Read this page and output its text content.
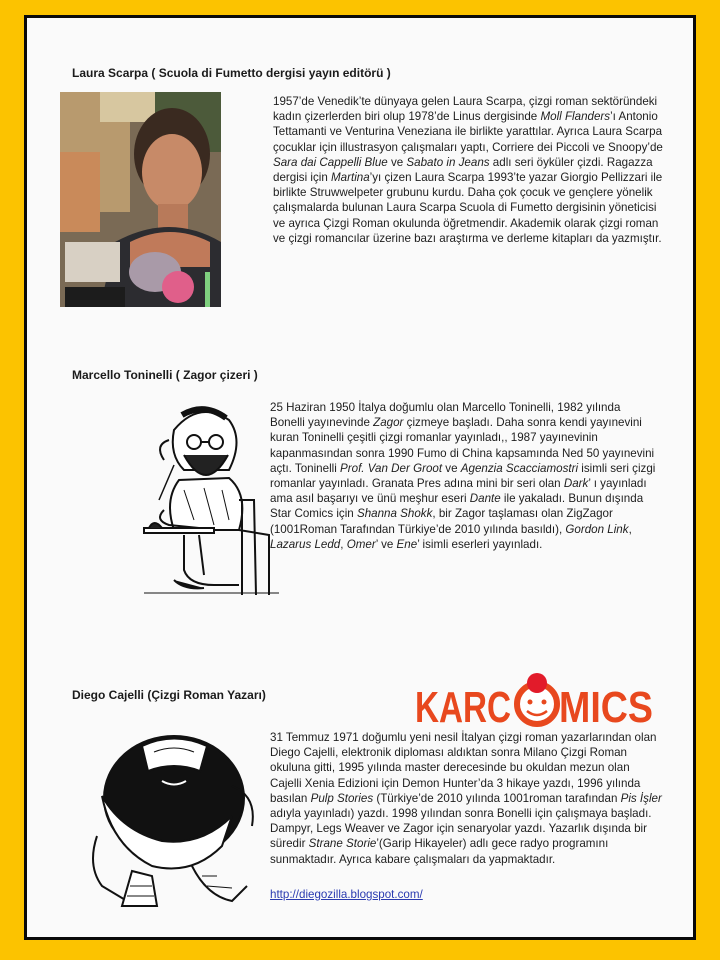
Laura Scarpa ( Scuola di Fumetto dergisi yayın editörü )

1957’de Venedik’te dünyaya gelen Laura Scarpa, çizgi roman sektöründeki kadın çizerlerden biri olup 1978’de Linus dergisinde Moll Flanders’ı Antonio Tettamanti ve Venturina Veneziana ile birlikte yarattılar. Ayrıca Laura Scarpa çocuklar için illustrasyon çalışmaları yaptı, Corriere dei Piccoli ve Snoopy’de Sara dai Cappelli Blue ve Sabato in Jeans adlı seri öyküler çizdi. Ragazza dergisi için Martina’yı çizen Laura Scarpa 1993’te yazar Giorgio Pellizzari ile birlikte Struwwelpeter grubunu kurdu. Daha çok çocuk ve gençlere yönelik çalışmalarda bulunan Laura Scarpa Scuola di Fumetto dergisinin yöneticisi ve ayrıca Çizgi Roman okulunda öğretmendir. Akademik olarak çizgi roman ve çizgi romancılar üzerine bazı araştırma ve derleme kitapları da yazmıştır.

Marcello Toninelli ( Zagor çizeri )

25 Haziran 1950 İtalya doğumlu olan Marcello Toninelli, 1982 yılında Bonelli yayınevinde Zagor çizmeye başladı. Daha sonra kendi yayınevini kuran Toninelli çeşitli çizgi romanlar yayınladı,, 1987 yayınevinin kapanmasından sonra 1990 Fumo di China kapsamında Ned 50 yayınevini açtı. Toninelli Prof. Van Der Groot ve Agenzia Scacciamostri isimli seri çizgi romanlar yayınladı. Granata Pres adına mini bir seri olan Dark’ ı yayınladı ama asıl başarıyı ve ünü meşhur eseri Dante ile yakaladı. Bunun dışında Star Comics için Shanna Shokk, bir Zagor taşlaması olan ZigZagor (1001Roman Tarafından Türkiye’de 2010 yılında basıldı), Gordon Link, Lazarus Ledd, Omer’ ve Ene’ isimli eserleri yayınladı.

Diego Cajelli (Çizgi Roman Yazarı)	KARC MICS

31 Temmuz 1971 doğumlu yeni nesil İtalyan çizgi roman yazarlarından olan Diego Cajelli, elektronik diploması aldıktan sonra Milano Çizgi Roman okuluna gitti, 1995 yılında master derecesinde bu okuldan mezun olan Cajelli Xenia Edizioni için Demon Hunter’da 3 hikaye yazdı, 1996 yılında basılan Pulp Stories (Türkiye’de 2010 yılında 1001roman tarafından Pis İşler adıyla yayınladı) yazdı. 1998 yılından sonra Bonelli için çalışmaya başladı. Dampyr, Legs Weaver ve Zagor için senaryolar yazdı. Yazarlık dışında bir süredir Strane Storie’(Garip Hikayeler) adlı gece radyo programını sunmaktadır. Ayrıca kabare çalışmaları da yapmaktadır.

http://diegozilla.blogspot.com/
